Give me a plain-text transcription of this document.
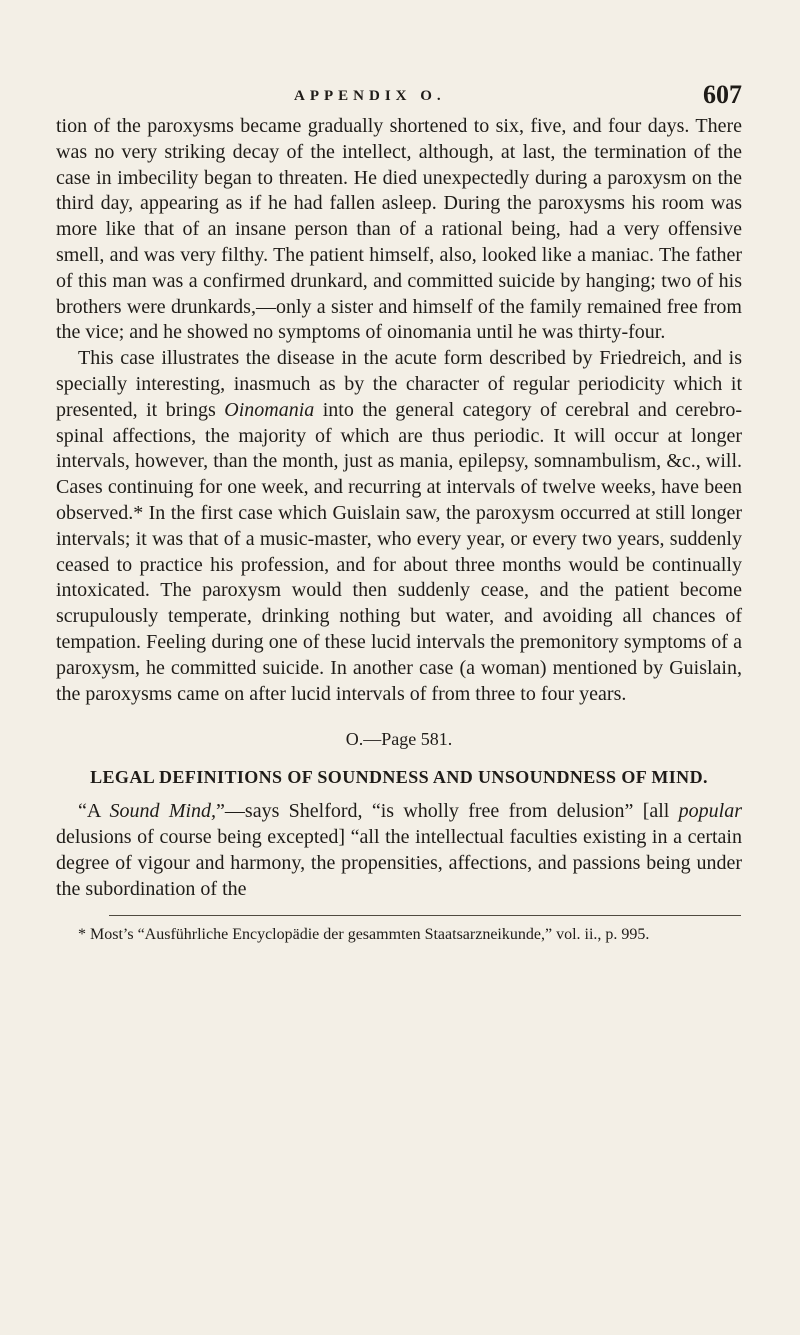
APPENDIX O.	607

tion of the paroxysms became gradually shortened to six, five, and four days. There was no very striking decay of the intellect, although, at last, the termination of the case in imbecility began to threaten. He died unexpectedly during a paroxysm on the third day, appearing as if he had fallen asleep. During the paroxysms his room was more like that of an insane person than of a rational being, had a very offensive smell, and was very filthy. The patient himself, also, looked like a maniac. The father of this man was a confirmed drunkard, and committed suicide by hanging; two of his brothers were drunkards,—only a sister and himself of the family remained free from the vice; and he showed no symptoms of oinomania until he was thirty-four.

This case illustrates the disease in the acute form described by Friedreich, and is specially interesting, inasmuch as by the character of regular periodicity which it presented, it brings Oinomania into the general category of cerebral and cerebro-spinal affections, the majority of which are thus periodic. It will occur at longer intervals, however, than the month, just as mania, epilepsy, somnambulism, &c., will. Cases continuing for one week, and recurring at intervals of twelve weeks, have been observed.* In the first case which Guislain saw, the paroxysm occurred at still longer intervals; it was that of a music-master, who every year, or every two years, suddenly ceased to practice his profession, and for about three months would be continually intoxicated. The paroxysm would then suddenly cease, and the patient become scrupulously temperate, drinking nothing but water, and avoiding all chances of tempation. Feeling during one of these lucid intervals the premonitory symptoms of a paroxysm, he committed suicide. In another case (a woman) mentioned by Guislain, the paroxysms came on after lucid intervals of from three to four years.

O.—Page 581.
LEGAL DEFINITIONS OF SOUNDNESS AND UNSOUNDNESS OF MIND.

“A Sound Mind,”—says Shelford, “is wholly free from delusion” [all popular delusions of course being excepted] “all the intellectual faculties existing in a certain degree of vigour and harmony, the propensities, affections, and passions being under the subordination of the

* Most’s “Ausführliche Encyclopädie der gesammten Staatsarzneikunde,” vol. ii., p. 995.
